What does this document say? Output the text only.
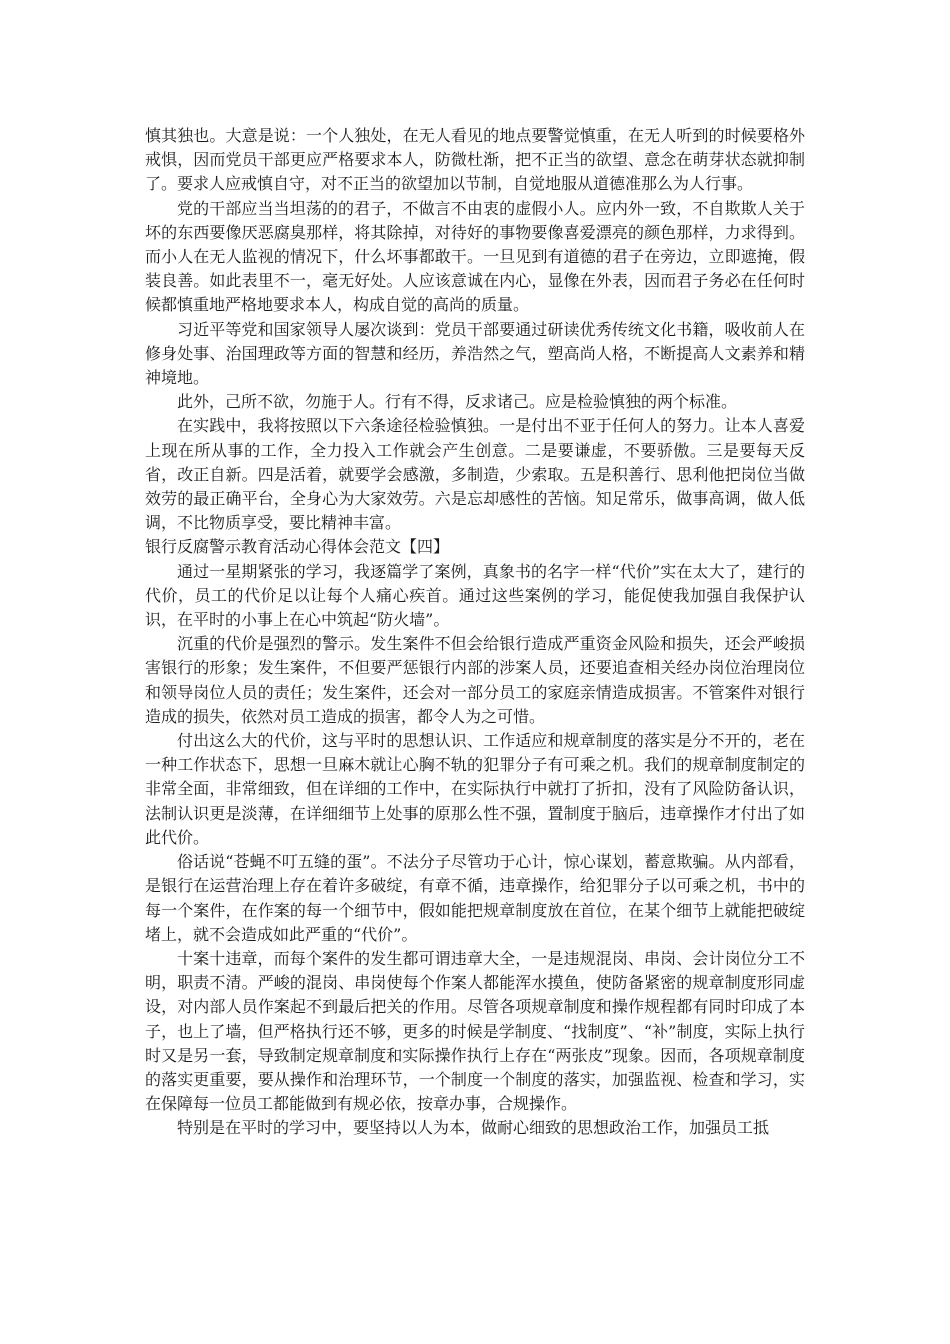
慎其独也。大意是说：一个人独处，在无人看见的地点要警觉慎重，在无人听到的时候要格外戒惧，因而党员干部更应严格要求本人，防微杜渐，把不正当的欲望、意念在萌芽状态就抑制了。要求人应戒慎自守，对不正当的欲望加以节制，自觉地服从道德准那么为人行事。

党的干部应当当坦荡的的君子，不做言不由衷的虚假小人。应内外一致，不自欺欺人关于坏的东西要像厌恶腐臭那样，将其除掉，对待好的事物要像喜爱漂亮的颜色那样，力求得到。而小人在无人监视的情况下，什么坏事都敢干。一旦见到有道德的君子在旁边，立即遮掩，假装良善。如此表里不一，毫无好处。人应该意诚在内心，显像在外表，因而君子务必在任何时候都慎重地严格地要求本人，构成自觉的高尚的质量。

习近平等党和国家领导人屡次谈到：党员干部要通过研读优秀传统文化书籍，吸收前人在修身处事、治国理政等方面的智慧和经历，养浩然之气，塑高尚人格，不断提高人文素养和精神境地。

此外，己所不欲，勿施于人。行有不得，反求诸己。应是检验慎独的两个标准。

在实践中，我将按照以下六条途径检验慎独。一是付出不亚于任何人的努力。让本人喜爱上现在所从事的工作，全力投入工作就会产生创意。二是要谦虚，不要骄傲。三是要每天反省，改正自新。四是活着，就要学会感激，多制造，少索取。五是积善行、思利他把岗位当做效劳的最正确平台，全身心为大家效劳。六是忘却感性的苦恼。知足常乐，做事高调，做人低调，不比物质享受，要比精神丰富。

银行反腐警示教育活动心得体会范文【四】

通过一星期紧张的学习，我逐篇学了案例，真象书的名字一样“代价”实在太大了，建行的代价，员工的代价足以让每个人痛心疾首。通过这些案例的学习，能促使我加强自我保护认识，在平时的小事上在心中筑起“防火墙”。

沉重的代价是强烈的警示。发生案件不但会给银行造成严重资金风险和损失，还会严峻损害银行的形象；发生案件，不但要严惩银行内部的涉案人员，还要追查相关经办岗位治理岗位和领导岗位人员的责任；发生案件，还会对一部分员工的家庭亲情造成损害。不管案件对银行造成的损失，依然对员工造成的损害，都令人为之可惜。

付出这么大的代价，这与平时的思想认识、工作适应和规章制度的落实是分不开的，老在一种工作状态下，思想一旦麻木就让心胸不轨的犯罪分子有可乘之机。我们的规章制度制定的非常全面，非常细致，但在详细的工作中，在实际执行中就打了折扣，没有了风险防备认识，法制认识更是淡薄，在详细细节上处事的原那么性不强，置制度于脑后，违章操作才付出了如此代价。

俗话说“苍蝇不叮五缝的蛋”。不法分子尽管功于心计，惊心谋划，蓄意欺骗。从内部看，是银行在运营治理上存在着许多破绽，有章不循，违章操作，给犯罪分子以可乘之机，书中的每一个案件，在作案的每一个细节中，假如能把规章制度放在首位，在某个细节上就能把破绽堵上，就不会造成如此严重的“代价”。

十案十违章，而每个案件的发生都可谓违章大全，一是违规混岗、串岗、会计岗位分工不明，职责不清。严峻的混岗、串岗使每个作案人都能浑水摸鱼，使防备紧密的规章制度形同虚设，对内部人员作案起不到最后把关的作用。尽管各项规章制度和操作规程都有同时印成了本子，也上了墙，但严格执行还不够，更多的时候是学制度、“找制度”、“补”制度，实际上执行时又是另一套，导致制定规章制度和实际操作执行上存在“两张皮”现象。因而，各项规章制度的落实更重要，要从操作和治理环节，一个制度一个制度的落实，加强监视、检查和学习，实在保障每一位员工都能做到有规必依，按章办事，合规操作。

特别是在平时的学习中，要坚持以人为本，做耐心细致的思想政治工作，加强员工抵
